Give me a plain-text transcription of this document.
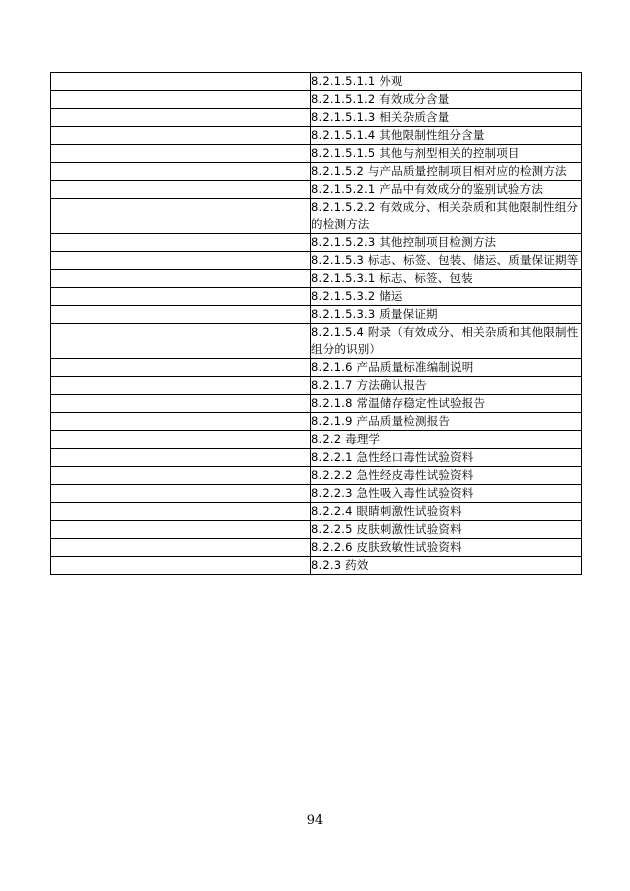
	8.2.1.5.1.1 外观
	8.2.1.5.1.2 有效成分含量
	8.2.1.5.1.3 相关杂质含量
	8.2.1.5.1.4 其他限制性组分含量
	8.2.1.5.1.5 其他与剂型相关的控制项目
	8.2.1.5.2 与产品质量控制项目相对应的检测方法
	8.2.1.5.2.1 产品中有效成分的鉴别试验方法
	8.2.1.5.2.2 有效成分、相关杂质和其他限制性组分的检测方法
	8.2.1.5.2.3 其他控制项目检测方法
	8.2.1.5.3 标志、标签、包装、储运、质量保证期等
	8.2.1.5.3.1 标志、标签、包装
	8.2.1.5.3.2 储运
	8.2.1.5.3.3 质量保证期
	8.2.1.5.4 附录（有效成分、相关杂质和其他限制性组分的识别）
	8.2.1.6 产品质量标准编制说明
	8.2.1.7 方法确认报告
	8.2.1.8 常温储存稳定性试验报告
	8.2.1.9 产品质量检测报告
	8.2.2 毒理学
	8.2.2.1 急性经口毒性试验资料
	8.2.2.2 急性经皮毒性试验资料
	8.2.2.3 急性吸入毒性试验资料
	8.2.2.4 眼睛刺激性试验资料
	8.2.2.5 皮肤刺激性试验资料
	8.2.2.6 皮肤致敏性试验资料
	8.2.3 药效
94
